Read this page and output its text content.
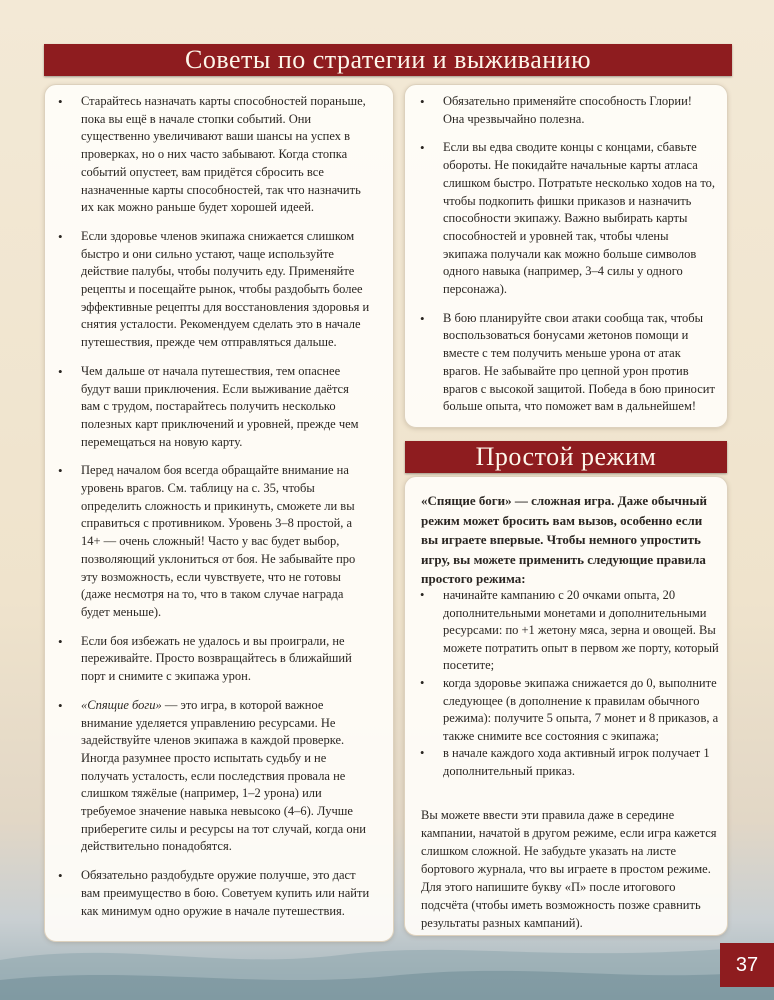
Советы по стратегии и выживанию
• Старайтесь назначать карты способностей пораньше, пока вы ещё в начале стопки событий. Они существенно увеличивают ваши шансы на успех в проверках, но о них часто забывают. Когда стопка событий опустеет, вам придётся сбросить все назначенные карты способностей, так что назначить их как можно раньше будет хорошей идеей.
• Если здоровье членов экипажа снижается слишком быстро и они сильно устают, чаще используйте действие палубы, чтобы получить еду. Применяйте рецепты и посещайте рынок, чтобы раздобыть более эффективные рецепты для восстановления здоровья и снятия усталости. Рекомендуем сделать это в начале путешествия, прежде чем отправляться дальше.
• Чем дальше от начала путешествия, тем опаснее будут ваши приключения. Если выживание даётся вам с трудом, постарайтесь получить несколько полезных карт приключений и уровней, прежде чем перемещаться на новую карту.
• Перед началом боя всегда обращайте внимание на уровень врагов. См. таблицу на с. 35, чтобы определить сложность и прикинуть, сможете ли вы справиться с противником. Уровень 3–8 простой, а 14+ — очень сложный! Часто у вас будет выбор, позволяющий уклониться от боя. Не забывайте про эту возможность, если чувствуете, что не готовы (даже несмотря на то, что в таком случае награда будет меньше).
• Если боя избежать не удалось и вы проиграли, не переживайте. Просто возвращайтесь в ближайший порт и снимите с экипажа урон.
• «Спящие боги» — это игра, в которой важное внимание уделяется управлению ресурсами. Не задействуйте членов экипажа в каждой проверке. Иногда разумнее просто испытать судьбу и не получать усталость, если последствия провала не слишком тяжёлые (например, 1–2 урона) или требуемое значение навыка невысоко (4–6). Лучше приберегите силы и ресурсы на тот случай, когда они действительно понадобятся.
• Обязательно раздобудьте оружие получше, это даст вам преимущество в бою. Советуем купить или найти как минимум одно оружие в начале путешествия.
• Обязательно применяйте способность Глории! Она чрезвычайно полезна.
• Если вы едва сводите концы с концами, сбавьте обороты. Не покидайте начальные карты атласа слишком быстро. Потратьте несколько ходов на то, чтобы подкопить фишки приказов и назначить способности экипажу. Важно выбирать карты способностей и уровней так, чтобы члены экипажа получали как можно больше символов одного навыка (например, 3–4 силы у одного персонажа).
• В бою планируйте свои атаки сообща так, чтобы воспользоваться бонусами жетонов помощи и вместе с тем получить меньше урона от атак врагов. Не забывайте про цепной урон против врагов с высокой защитой. Победа в бою приносит больше опыта, что поможет вам в дальнейшем!
Простой режим

«Спящие боги» — сложная игра. Даже обычный режим может бросить вам вызов, особенно если вы играете впервые. Чтобы немного упростить игру, вы можете применить следующие правила простого режима:

• начинайте кампанию с 20 очками опыта, 20 дополнительными монетами и дополнительными ресурсами: по +1 жетону мяса, зерна и овощей. Вы можете потратить опыт в первом же порту, который посетите;
• когда здоровье экипажа снижается до 0, выполните следующее (в дополнение к правилам обычного режима): получите 5 опыта, 7 монет и 8 приказов, а также снимите все состояния с экипажа;
• в начале каждого хода активный игрок получает 1 дополнительный приказ.

Вы можете ввести эти правила даже в середине кампании, начатой в другом режиме, если игра кажется слишком сложной. Не забудьте указать на листе бортового журнала, что вы играете в простом режиме. Для этого напишите букву «П» после итогового подсчёта (чтобы иметь возможность позже сравнить результаты разных кампаний).

37
